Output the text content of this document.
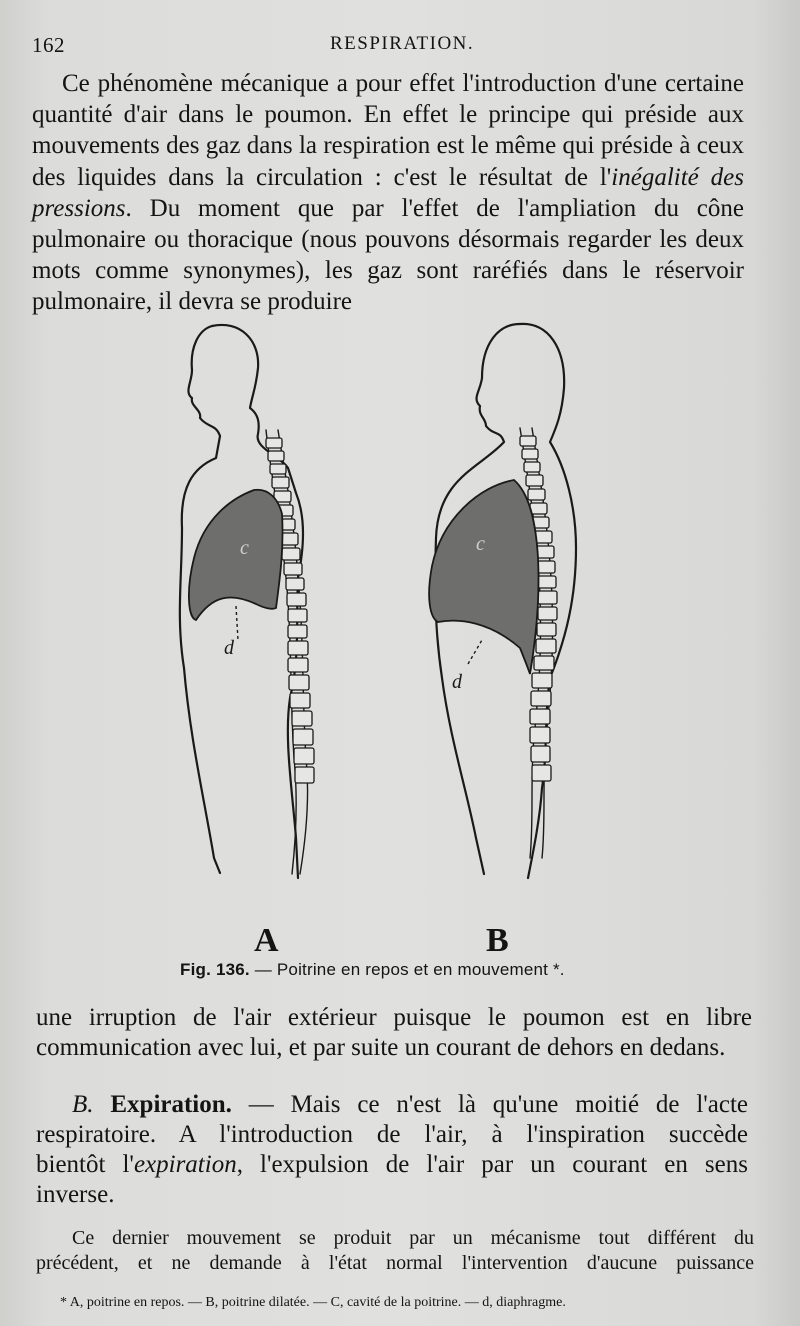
162	RESPIRATION.

Ce phénomène mécanique a pour effet l'introduction d'une certaine quantité d'air dans le poumon. En effet le principe qui préside aux mouvements des gaz dans la respiration est le même qui préside à ceux des liquides dans la circulation : c'est le résultat de l'inégalité des pressions. Du moment que par l'effet de l'ampliation du cône pulmonaire ou thoracique (nous pouvons désormais regarder les deux mots comme synonymes), les gaz sont raréfiés dans le réservoir pulmonaire, il devra se produire

c	c
d
d
A	B
Fig. 136. — Poitrine en repos et en mouvement *.

une irruption de l'air extérieur puisque le poumon est en libre communication avec lui, et par suite un courant de dehors en dedans.

B. Expiration. — Mais ce n'est là qu'une moitié de l'acte

respiratoire. A l'introduction de l'air, à l'inspiration succède
bientôt l'expiration, l'expulsion de l'air par un courant en sens
inverse.

Ce dernier mouvement se produit par un mécanisme tout différent du

précédent, et ne demande à l'état normal l'intervention d'aucune puissance

* A, poitrine en repos. — B, poitrine dilatée. — C, cavité de la poitrine. — d, diaphragme.
